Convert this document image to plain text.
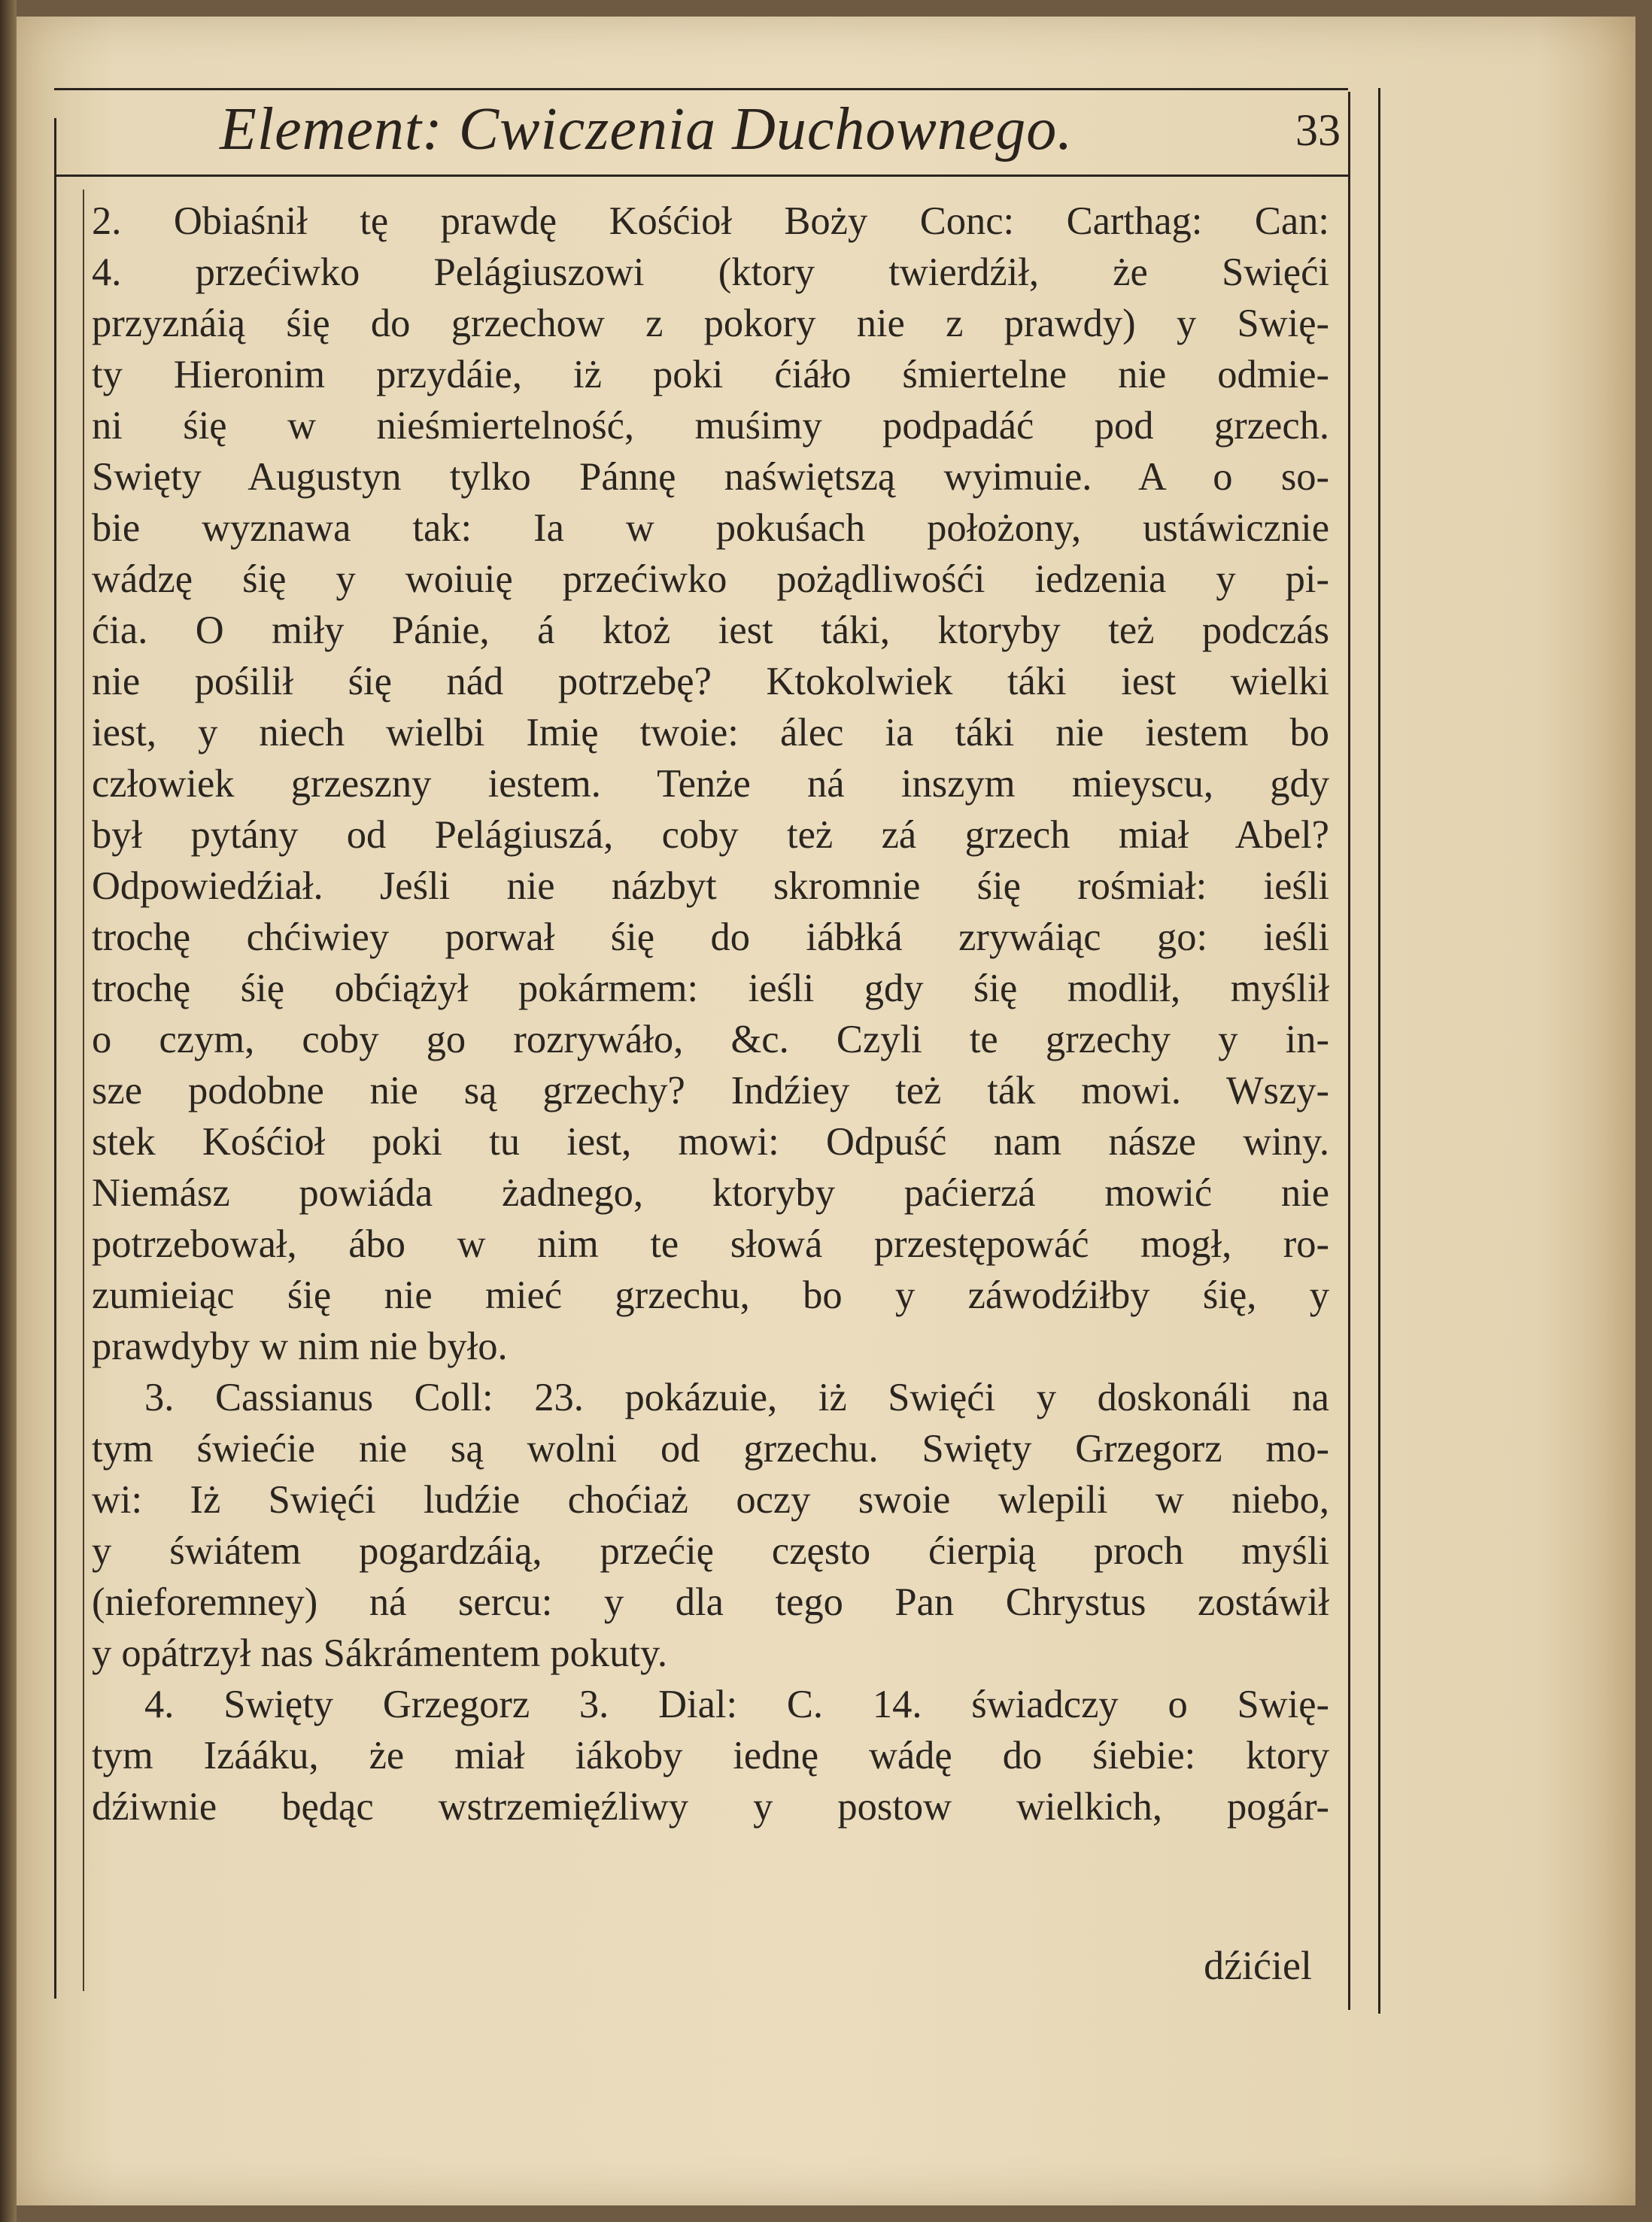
Element: Cwiczenia Duchownego.	33
2. Obiaśnił tę prawdę Kośćioł Boży Conc: Carthag: Can:
4. przećiwko Pelágiuszowi (ktory twierdźił, że Swięći
przyznáią śię do grzechow z pokory nie z prawdy) y Swię-
ty Hieronim przydáie, iż poki ćiáło śmiertelne nie odmie-
ni śię w nieśmiertelność, muśimy podpadáć pod grzech.
Swięty Augustyn tylko Pánnę naświętszą wyimuie. A o so-
bie wyznawa tak: Ia w pokuśach położony, ustáwicznie
wádzę śię y woiuię przećiwko pożądliwośći iedzenia y pi-
ćia. O miły Pánie, á ktoż iest táki, ktoryby też podczás
nie pośilił śię nád potrzebę? Ktokolwiek táki iest wielki
iest, y niech wielbi Imię twoie: álec ia táki nie iestem bo
człowiek grzeszny iestem. Tenże ná inszym mieyscu, gdy
był pytány od Pelágiuszá, coby też zá grzech miał Abel?
Odpowiedźiał. Jeśli nie názbyt skromnie śię rośmiał: ieśli
trochę chćiwiey porwał śię do iábłká zrywáiąc go: ieśli
trochę śię obćiążył pokármem: ieśli gdy śię modlił, myślił
o czym, coby go rozrywáło, &c. Czyli te grzechy y in-
sze podobne nie są grzechy? Indźiey też ták mowi. Wszy-
stek Kośćioł poki tu iest, mowi: Odpuść nam násze winy.
Niemász powiáda żadnego, ktoryby paćierzá mowić nie
potrzebował, ábo w nim te słowá przestępowáć mogł, ro-
zumieiąc śię nie mieć grzechu, bo y záwodźiłby śię, y
prawdyby w nim nie było.
3. Cassianus Coll: 23. pokázuie, iż Swięći y doskonáli na
tym świećie nie są wolni od grzechu. Swięty Grzegorz mo-
wi: Iż Swięći ludźie choćiaż oczy swoie wlepili w niebo,
y świátem pogardzáią, przećię często ćierpią proch myśli
(nieforemney) ná sercu: y dla tego Pan Chrystus zostáwił
y opátrzył nas Sákrámentem pokuty.
4. Swięty Grzegorz 3. Dial: C. 14. świadczy o Swię-
tym Izááku, że miał iákoby iednę wádę do śiebie: ktory
dźiwnie będąc wstrzemięźliwy y postow wielkich, pogár-
dźićiel
